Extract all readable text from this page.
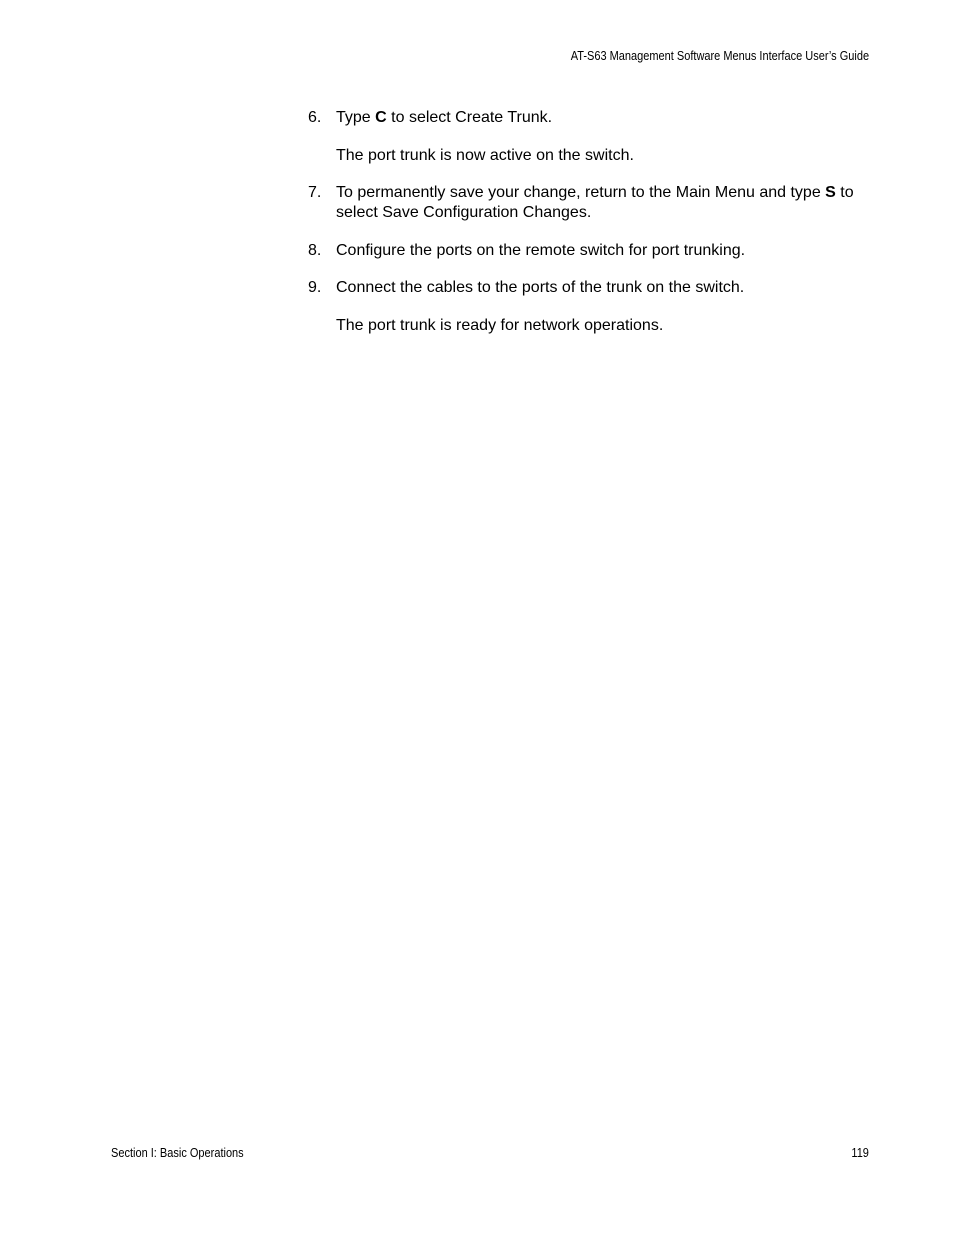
AT-S63 Management Software Menus Interface User’s Guide
6. Type C to select Create Trunk.
The port trunk is now active on the switch.
7. To permanently save your change, return to the Main Menu and type S to select Save Configuration Changes.
8. Configure the ports on the remote switch for port trunking.
9. Connect the cables to the ports of the trunk on the switch.
The port trunk is ready for network operations.
Section I: Basic Operations	119
